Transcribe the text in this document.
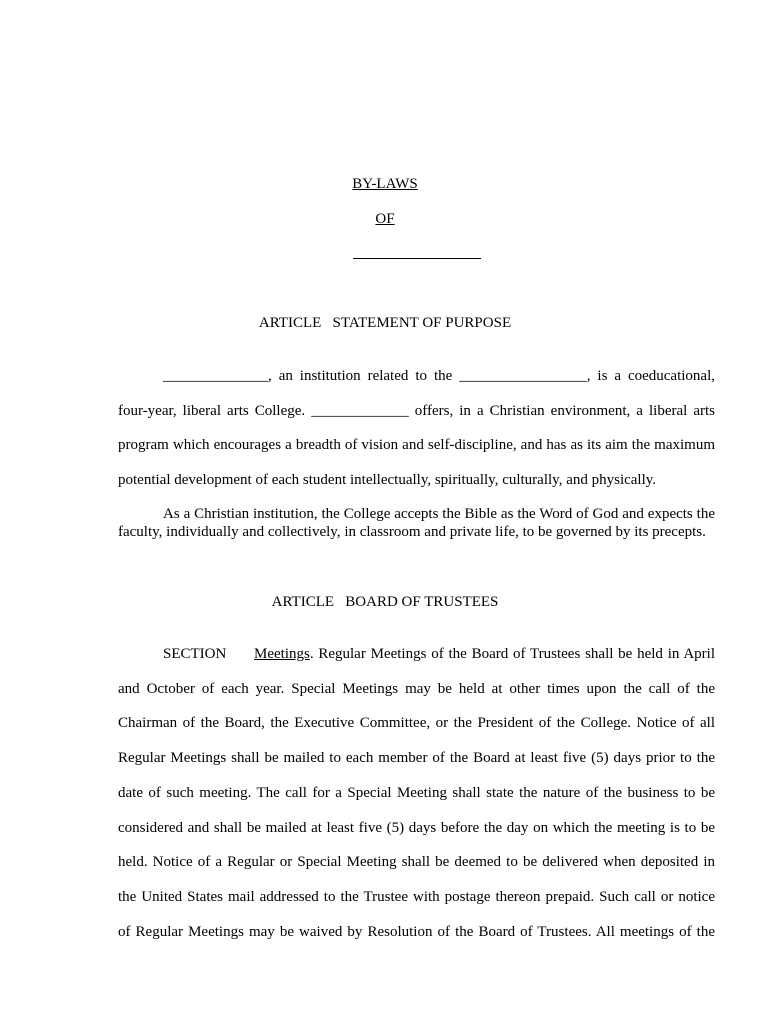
BY-LAWS
OF
ARTICLE   STATEMENT OF PURPOSE
______________, an institution related to the _________________, is a coeducational,
four-year, liberal arts College. _____________ offers, in a Christian environment, a liberal arts
program which encourages a breadth of vision and self-discipline, and has as its aim the maximum
potential development of each student intellectually, spiritually, culturally, and physically.
As a Christian institution, the College accepts the Bible as the Word of God and expects the faculty, individually and collectively, in classroom and private life, to be governed by its precepts.
ARTICLE   BOARD OF TRUSTEES
SECTION Meetings. Regular Meetings of the Board of Trustees shall be held in April
and October of each year. Special Meetings may be held at other times upon the call of the
Chairman of the Board, the Executive Committee, or the President of the College. Notice of all
Regular Meetings shall be mailed to each member of the Board at least five (5) days prior to the
date of such meeting. The call for a Special Meeting shall state the nature of the business to be
considered and shall be mailed at least five (5) days before the day on which the meeting is to be
held. Notice of a Regular or Special Meeting shall be deemed to be delivered when deposited in
the United States mail addressed to the Trustee with postage thereon prepaid. Such call or notice
of Regular Meetings may be waived by Resolution of the Board of Trustees. All meetings of the
